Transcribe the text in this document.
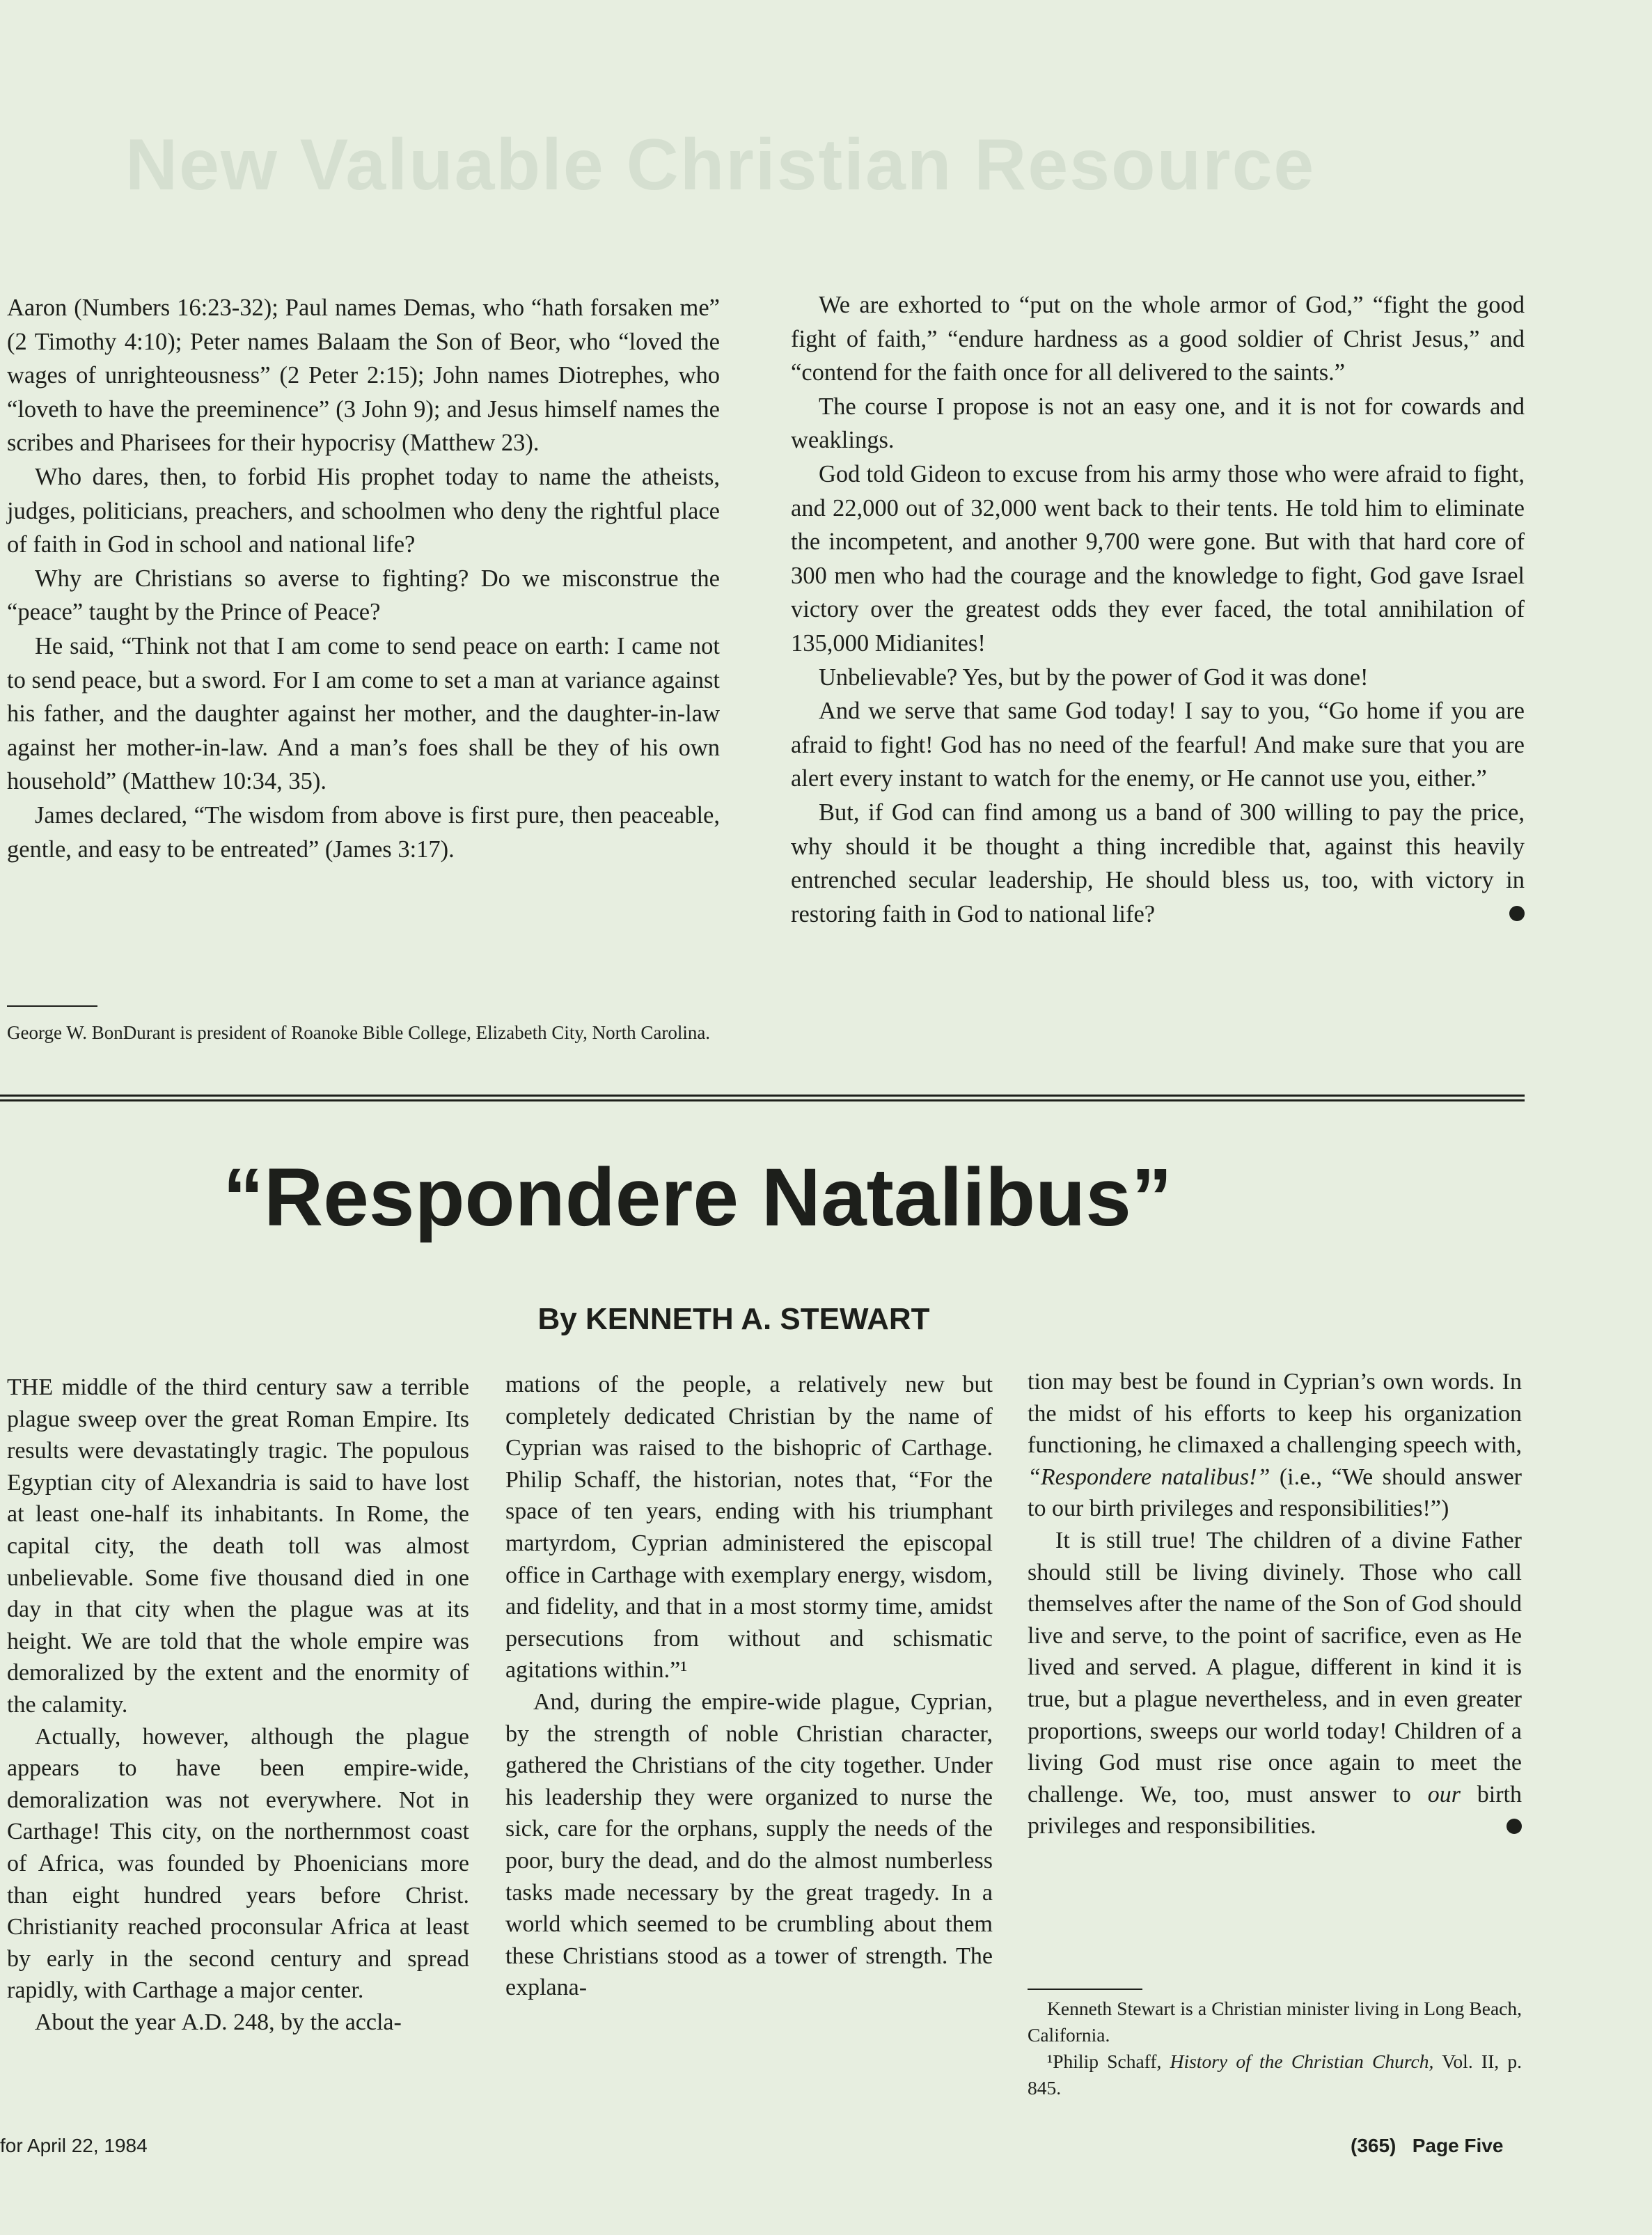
New Valuable Christian Resource

Aaron (Numbers 16:23-32); Paul names Demas, who “hath forsaken me” (2 Timothy 4:10); Peter names Balaam the Son of Beor, who “loved the wages of unrighteousness” (2 Peter 2:15); John names Diotrephes, who “loveth to have the preeminence” (3 John 9); and Jesus himself names the scribes and Pharisees for their hypocrisy (Matthew 23).

Who dares, then, to forbid His prophet today to name the atheists, judges, politicians, preachers, and schoolmen who deny the rightful place of faith in God in school and national life?

Why are Christians so averse to fighting? Do we misconstrue the “peace” taught by the Prince of Peace?

He said, “Think not that I am come to send peace on earth: I came not to send peace, but a sword. For I am come to set a man at variance against his father, and the daughter against her mother, and the daughter-in-law against her mother-in-law. And a man’s foes shall be they of his own household” (Matthew 10:34, 35).

James declared, “The wisdom from above is first pure, then peaceable, gentle, and easy to be entreated” (James 3:17).

George W. BonDurant is president of Roanoke Bible College, Elizabeth City, North Carolina.

We are exhorted to “put on the whole armor of God,” “fight the good fight of faith,” “endure hardness as a good soldier of Christ Jesus,” and “contend for the faith once for all delivered to the saints.”

The course I propose is not an easy one, and it is not for cowards and weaklings.

God told Gideon to excuse from his army those who were afraid to fight, and 22,000 out of 32,000 went back to their tents. He told him to eliminate the incompetent, and another 9,700 were gone. But with that hard core of 300 men who had the courage and the knowledge to fight, God gave Israel victory over the greatest odds they ever faced, the total annihilation of 135,000 Midianites!

Unbelievable? Yes, but by the power of God it was done!

And we serve that same God today! I say to you, “Go home if you are afraid to fight! God has no need of the fearful! And make sure that you are alert every instant to watch for the enemy, or He cannot use you, either.”

But, if God can find among us a band of 300 willing to pay the price, why should it be thought a thing incredible that, against this heavily entrenched secular leadership, He should bless us, too, with victory in restoring faith in God to national life?

“Respondere Natalibus”
By KENNETH A. STEWART

THE middle of the third century saw a terrible plague sweep over the great Roman Empire. Its results were devastatingly tragic. The populous Egyptian city of Alexandria is said to have lost at least one-half its inhabitants. In Rome, the capital city, the death toll was almost unbelievable. Some five thousand died in one day in that city when the plague was at its height. We are told that the whole empire was demoralized by the extent and the enormity of the calamity.

Actually, however, although the plague appears to have been empire-wide, demoralization was not everywhere. Not in Carthage! This city, on the northernmost coast of Africa, was founded by Phoenicians more than eight hundred years before Christ. Christianity reached proconsular Africa at least by early in the second century and spread rapidly, with Carthage a major center.

About the year A.D. 248, by the accla-

mations of the people, a relatively new but completely dedicated Christian by the name of Cyprian was raised to the bishopric of Carthage. Philip Schaff, the historian, notes that, “For the space of ten years, ending with his triumphant martyrdom, Cyprian administered the episcopal office in Carthage with exemplary energy, wisdom, and fidelity, and that in a most stormy time, amidst persecutions from without and schismatic agitations within.”¹

And, during the empire-wide plague, Cyprian, by the strength of noble Christian character, gathered the Christians of the city together. Under his leadership they were organized to nurse the sick, care for the orphans, supply the needs of the poor, bury the dead, and do the almost numberless tasks made necessary by the great tragedy. In a world which seemed to be crumbling about them these Christians stood as a tower of strength. The explana-

tion may best be found in Cyprian’s own words. In the midst of his efforts to keep his organization functioning, he climaxed a challenging speech with, “Respondere natalibus!” (i.e., “We should answer to our birth privileges and responsibilities!”)

It is still true! The children of a divine Father should still be living divinely. Those who call themselves after the name of the Son of God should live and serve, to the point of sacrifice, even as He lived and served. A plague, different in kind it is true, but a plague nevertheless, and in even greater proportions, sweeps our world today! Children of a living God must rise once again to meet the challenge. We, too, must answer to our birth privileges and responsibilities.

Kenneth Stewart is a Christian minister living in Long Beach, California.
¹Philip Schaff, History of the Christian Church, Vol. II, p. 845.
for April 22, 1984	(365) Page Five
